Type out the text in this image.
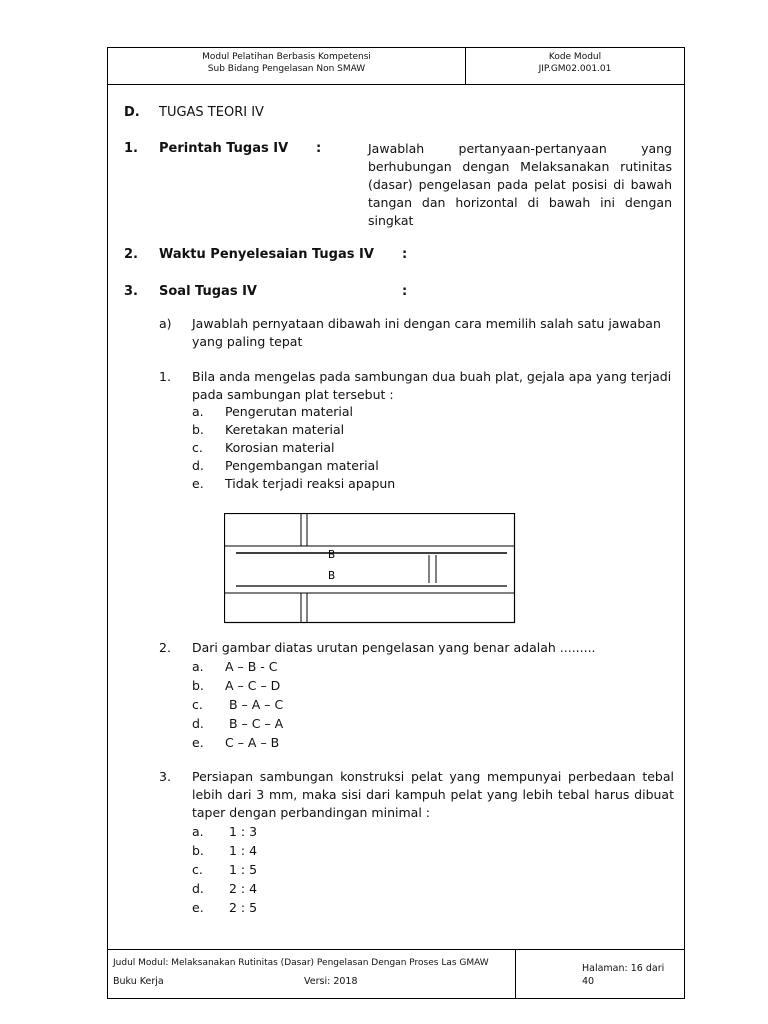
Modul Pelatihan Berbasis Kompetensi
Sub Bidang Pengelasan Non SMAW
Kode Modul
JIP.GM02.001.01
D. TUGAS TEORI IV
1. Perintah Tugas IV :	Jawablah pertanyaan-pertanyaan yang berhubungan dengan Melaksanakan rutinitas (dasar) pengelasan pada pelat posisi di bawah tangan dan horizontal di bawah ini dengan singkat
2. Waktu Penyelesaian Tugas IV :
3. Soal Tugas IV	:
a) Jawablah pernyataan dibawah ini dengan cara memilih salah satu jawaban yang paling tepat
1. Bila anda mengelas pada sambungan dua buah plat, gejala apa yang terjadi pada sambungan plat tersebut :
a. Pengerutan material
b. Keretakan material
c. Korosian material
d. Pengembangan material
e. Tidak terjadi reaksi apapun
B
B
2. Dari gambar diatas urutan pengelasan yang benar adalah .........
a. A – B - C
b. A – C – D
c. B – A – C
d. B – C – A
e. C – A – B
3. Persiapan sambungan konstruksi pelat yang mempunyai perbedaan tebal lebih dari 3 mm, maka sisi dari kampuh pelat yang lebih tebal harus dibuat taper dengan perbandingan minimal :
a. 1 : 3
b. 1 : 4
c. 1 : 5
d. 2 : 4
e. 2 : 5
Judul Modul: Melaksanakan Rutinitas (Dasar) Pengelasan Dengan Proses Las GMAW
Buku Kerja	Versi: 2018
Halaman: 16 dari 40
